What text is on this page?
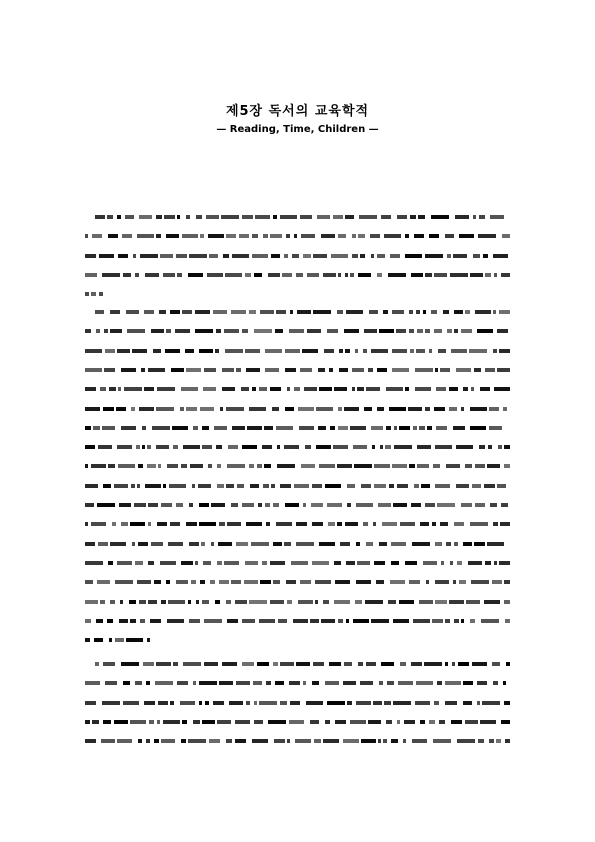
제5장 독서의 교육학적
— Reading, Time, Children —
